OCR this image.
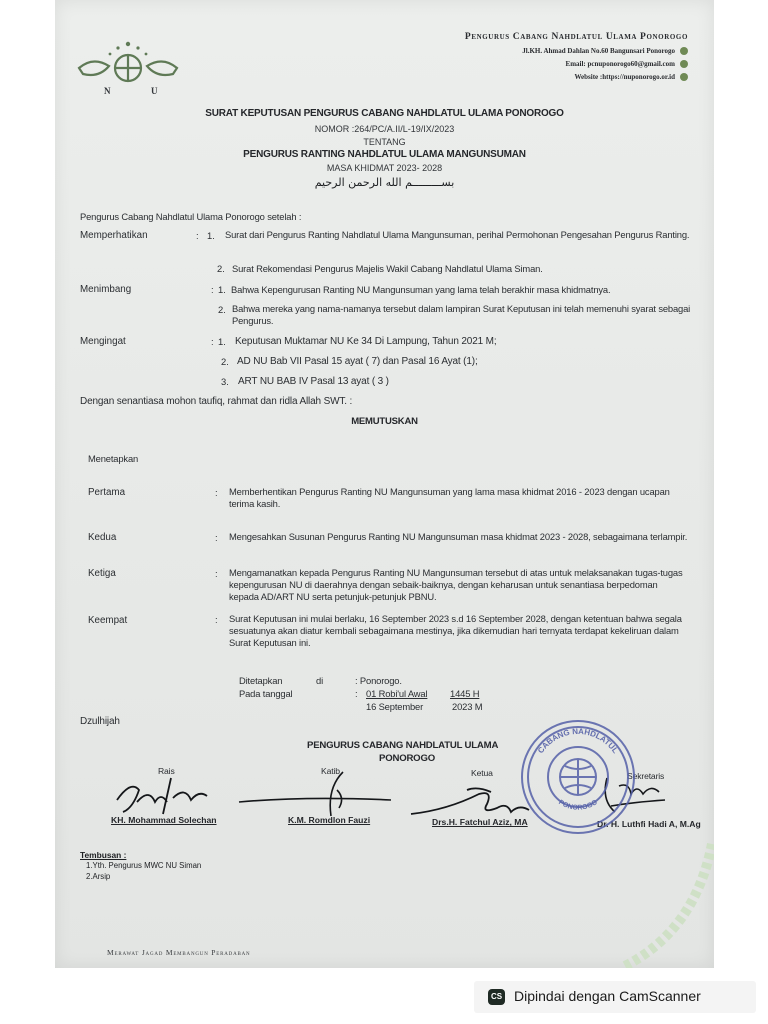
N	U
Pengurus Cabang Nahdlatul Ulama Ponorogo
Jl.KH. Ahmad Dahlan No.60 Bangunsari Ponorogo
Email: pcnuponorogo60@gmail.com
Website :https://nuponorogo.or.id
SURAT KEPUTUSAN PENGURUS CABANG NAHDLATUL ULAMA PONOROGO
NOMOR :264/PC/A.II/L-19/IX/2023
TENTANG
PENGURUS RANTING NAHDLATUL ULAMA MANGUNSUMAN
MASA KHIDMAT 2023- 2028
بســـــــــم الله الرحمن الرحيم
Pengurus Cabang Nahdlatul Ulama Ponorogo setelah :
Memperhatikan	: 1. Surat dari Pengurus Ranting Nahdlatul Ulama Mangunsuman, perihal Permohonan Pengesahan Pengurus Ranting.
2. Surat Rekomendasi Pengurus Majelis Wakil Cabang Nahdlatul Ulama Siman.
Menimbang	: 1. Bahwa Kepengurusan Ranting NU Mangunsuman yang lama telah berakhir masa khidmatnya.
2. Bahwa mereka yang nama-namanya tersebut dalam lampiran Surat Keputusan ini telah memenuhi syarat sebagai Pengurus.
Mengingat	: 1. Keputusan Muktamar NU Ke 34 Di Lampung, Tahun 2021 M;
2. AD NU Bab VII Pasal 15 ayat ( 7) dan Pasal 16 Ayat (1);
3. ART NU BAB IV Pasal 13 ayat ( 3 )
Dengan senantiasa mohon taufiq, rahmat dan ridla Allah SWT. :
MEMUTUSKAN
Menetapkan
Pertama	: Memberhentikan Pengurus Ranting NU Mangunsuman yang lama masa khidmat 2016 - 2023 dengan ucapan terima kasih.
Kedua	: Mengesahkan Susunan Pengurus Ranting NU Mangunsuman masa khidmat 2023 - 2028, sebagaimana terlampir.
Ketiga	: Mengamanatkan kepada Pengurus Ranting NU Mangunsuman tersebut di atas untuk melaksanakan tugas-tugas kepengurusan NU di daerahnya dengan sebaik-baiknya, dengan keharusan untuk senantiasa berpedoman kepada AD/ART NU serta petunjuk-petunjuk PBNU.
Keempat	: Surat Keputusan ini mulai berlaku, 16 September 2023 s.d 16 September 2028, dengan ketentuan bahwa segala sesuatunya akan diatur kembali sebagaimana mestinya, jika dikemudian hari ternyata terdapat kekeliruan dalam Surat Keputusan ini.
Ditetapkan	di	: Ponorogo.
Pada tanggal	: 01 Robi'ul Awal 1445 H
16 September	2023 M
Dzulhijah
PENGURUS CABANG NAHDLATUL ULAMA
PONOROGO
Rais	Katib	Ketua	Sekretaris
KH. Mohammad Solechan	K.M. Romdlon Fauzi	Drs.H. Fatchul Aziz, MA	Dr. H. Luthfi Hadi A, M.Ag
CABANG NAHDLATUL
PONOROGO
Tembusan :
1.Yth. Pengurus MWC NU Siman
2.Arsip
Merawat Jagad Membangun Peradaban
CS Dipindai dengan CamScanner
